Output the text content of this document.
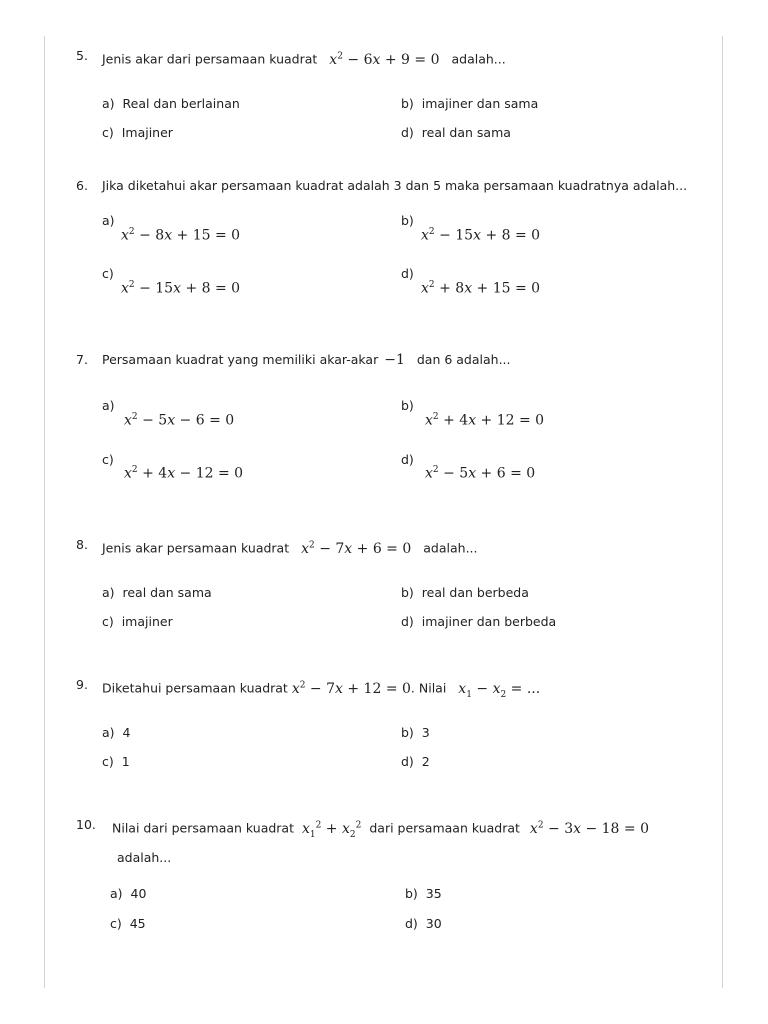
5. Jenis akar dari persamaan kuadrat $x^2 - 6x + 9 = 0$ adalah...
a) Real dan berlainan	b) imajiner dan sama
c) Imajiner	d) real dan sama
6. Jika diketahui akar persamaan kuadrat adalah 3 dan 5 maka persamaan kuadratnya adalah...
a)
$x^2 - 8x + 15 = 0$
b)
$x^2 - 15x + 8 = 0$
c)
$x^2 - 15x + 8 = 0$
d)
$x^2 + 8x + 15 = 0$
7. Persamaan kuadrat yang memiliki akar-akar −1 dan 6 adalah...
a)
$x^2 - 5x - 6 = 0$
b)
$x^2 + 4x + 12 = 0$
c)
$x^2 + 4x - 12 = 0$
d)
$x^2 - 5x + 6 = 0$
8. Jenis akar persamaan kuadrat $x^2 - 7x + 6 = 0$ adalah...
a) real dan sama	b) real dan berbeda
c) imajiner	d) imajiner dan berbeda
9. Diketahui persamaan kuadrat $x^2 - 7x + 12 = 0$. Nilai $x_1 - x_2$ = ...
a) 4	b) 3
c) 1	d) 2
10. Nilai dari persamaan kuadrat $x_1^2 + x_2^2$ dari persamaan kuadrat $x^2 - 3x - 18 = 0$
adalah...
a) 40	b) 35
c) 45	d) 30
